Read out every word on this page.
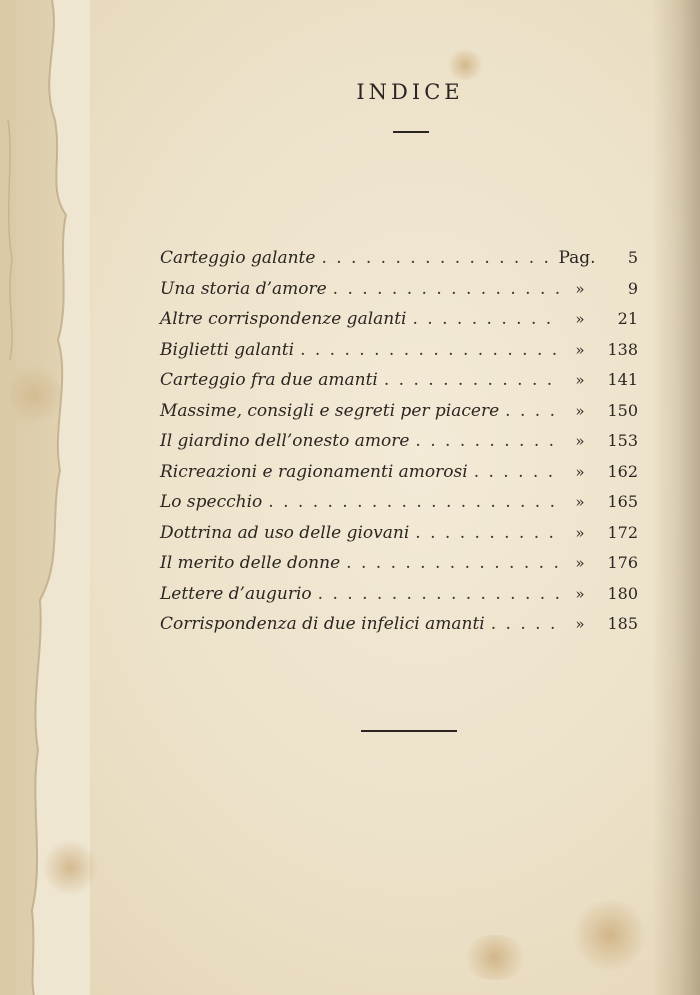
INDICE
Carteggio galante . . .	Pag.	5
Una storia d’amore . . .	»	9
Altre corrispondenze galanti . . .	»	21
Biglietti galanti . . .	»	138
Carteggio fra due amanti . . .	»	141
Massime, consigli e segreti per piacere . . .	»	150
Il giardino dell’onesto amore . . .	»	153
Ricreazioni e ragionamenti amorosi . . .	»	162
Lo specchio . . .	»	165
Dottrina ad uso delle giovani . . .	»	172
Il merito delle donne . . .	»	176
Lettere d’augurio . . .	»	180
Corrispondenza di due infelici amanti . . .	»	185
